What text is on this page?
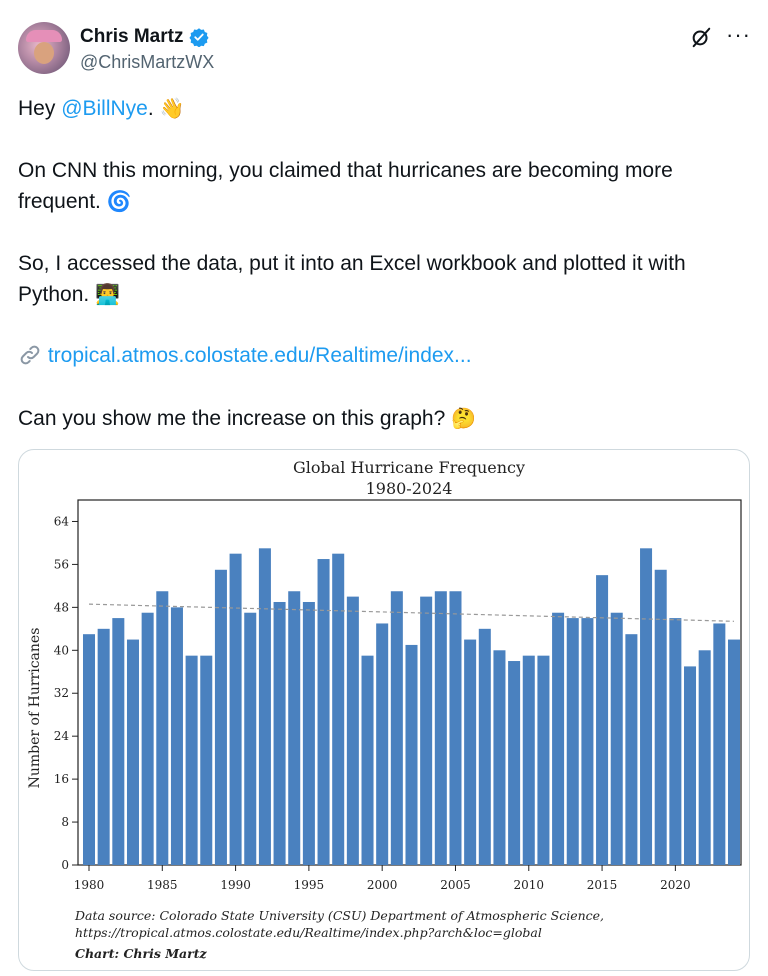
Chris Martz
@ChrisMartzWX
···
Hey @BillNye. 👋
On CNN this morning, you claimed that hurricanes are becoming more frequent. 🌀
So, I accessed the data, put it into an Excel workbook and plotted it with Python. 👨‍💻
tropical.atmos.colostate.edu/Realtime/index...
Can you show me the increase on this graph? 🤔
Global Hurricane Frequency
1980-2024
Number of Hurricanes
0
8
16
24
32
40
48
56
64
1980	1985	1990	1995	2000	2005	2010	2015	2020
Data source: Colorado State University (CSU) Department of Atmospheric Science,
https://tropical.atmos.colostate.edu/Realtime/index.php?arch&loc=global
Chart: Chris Martz
